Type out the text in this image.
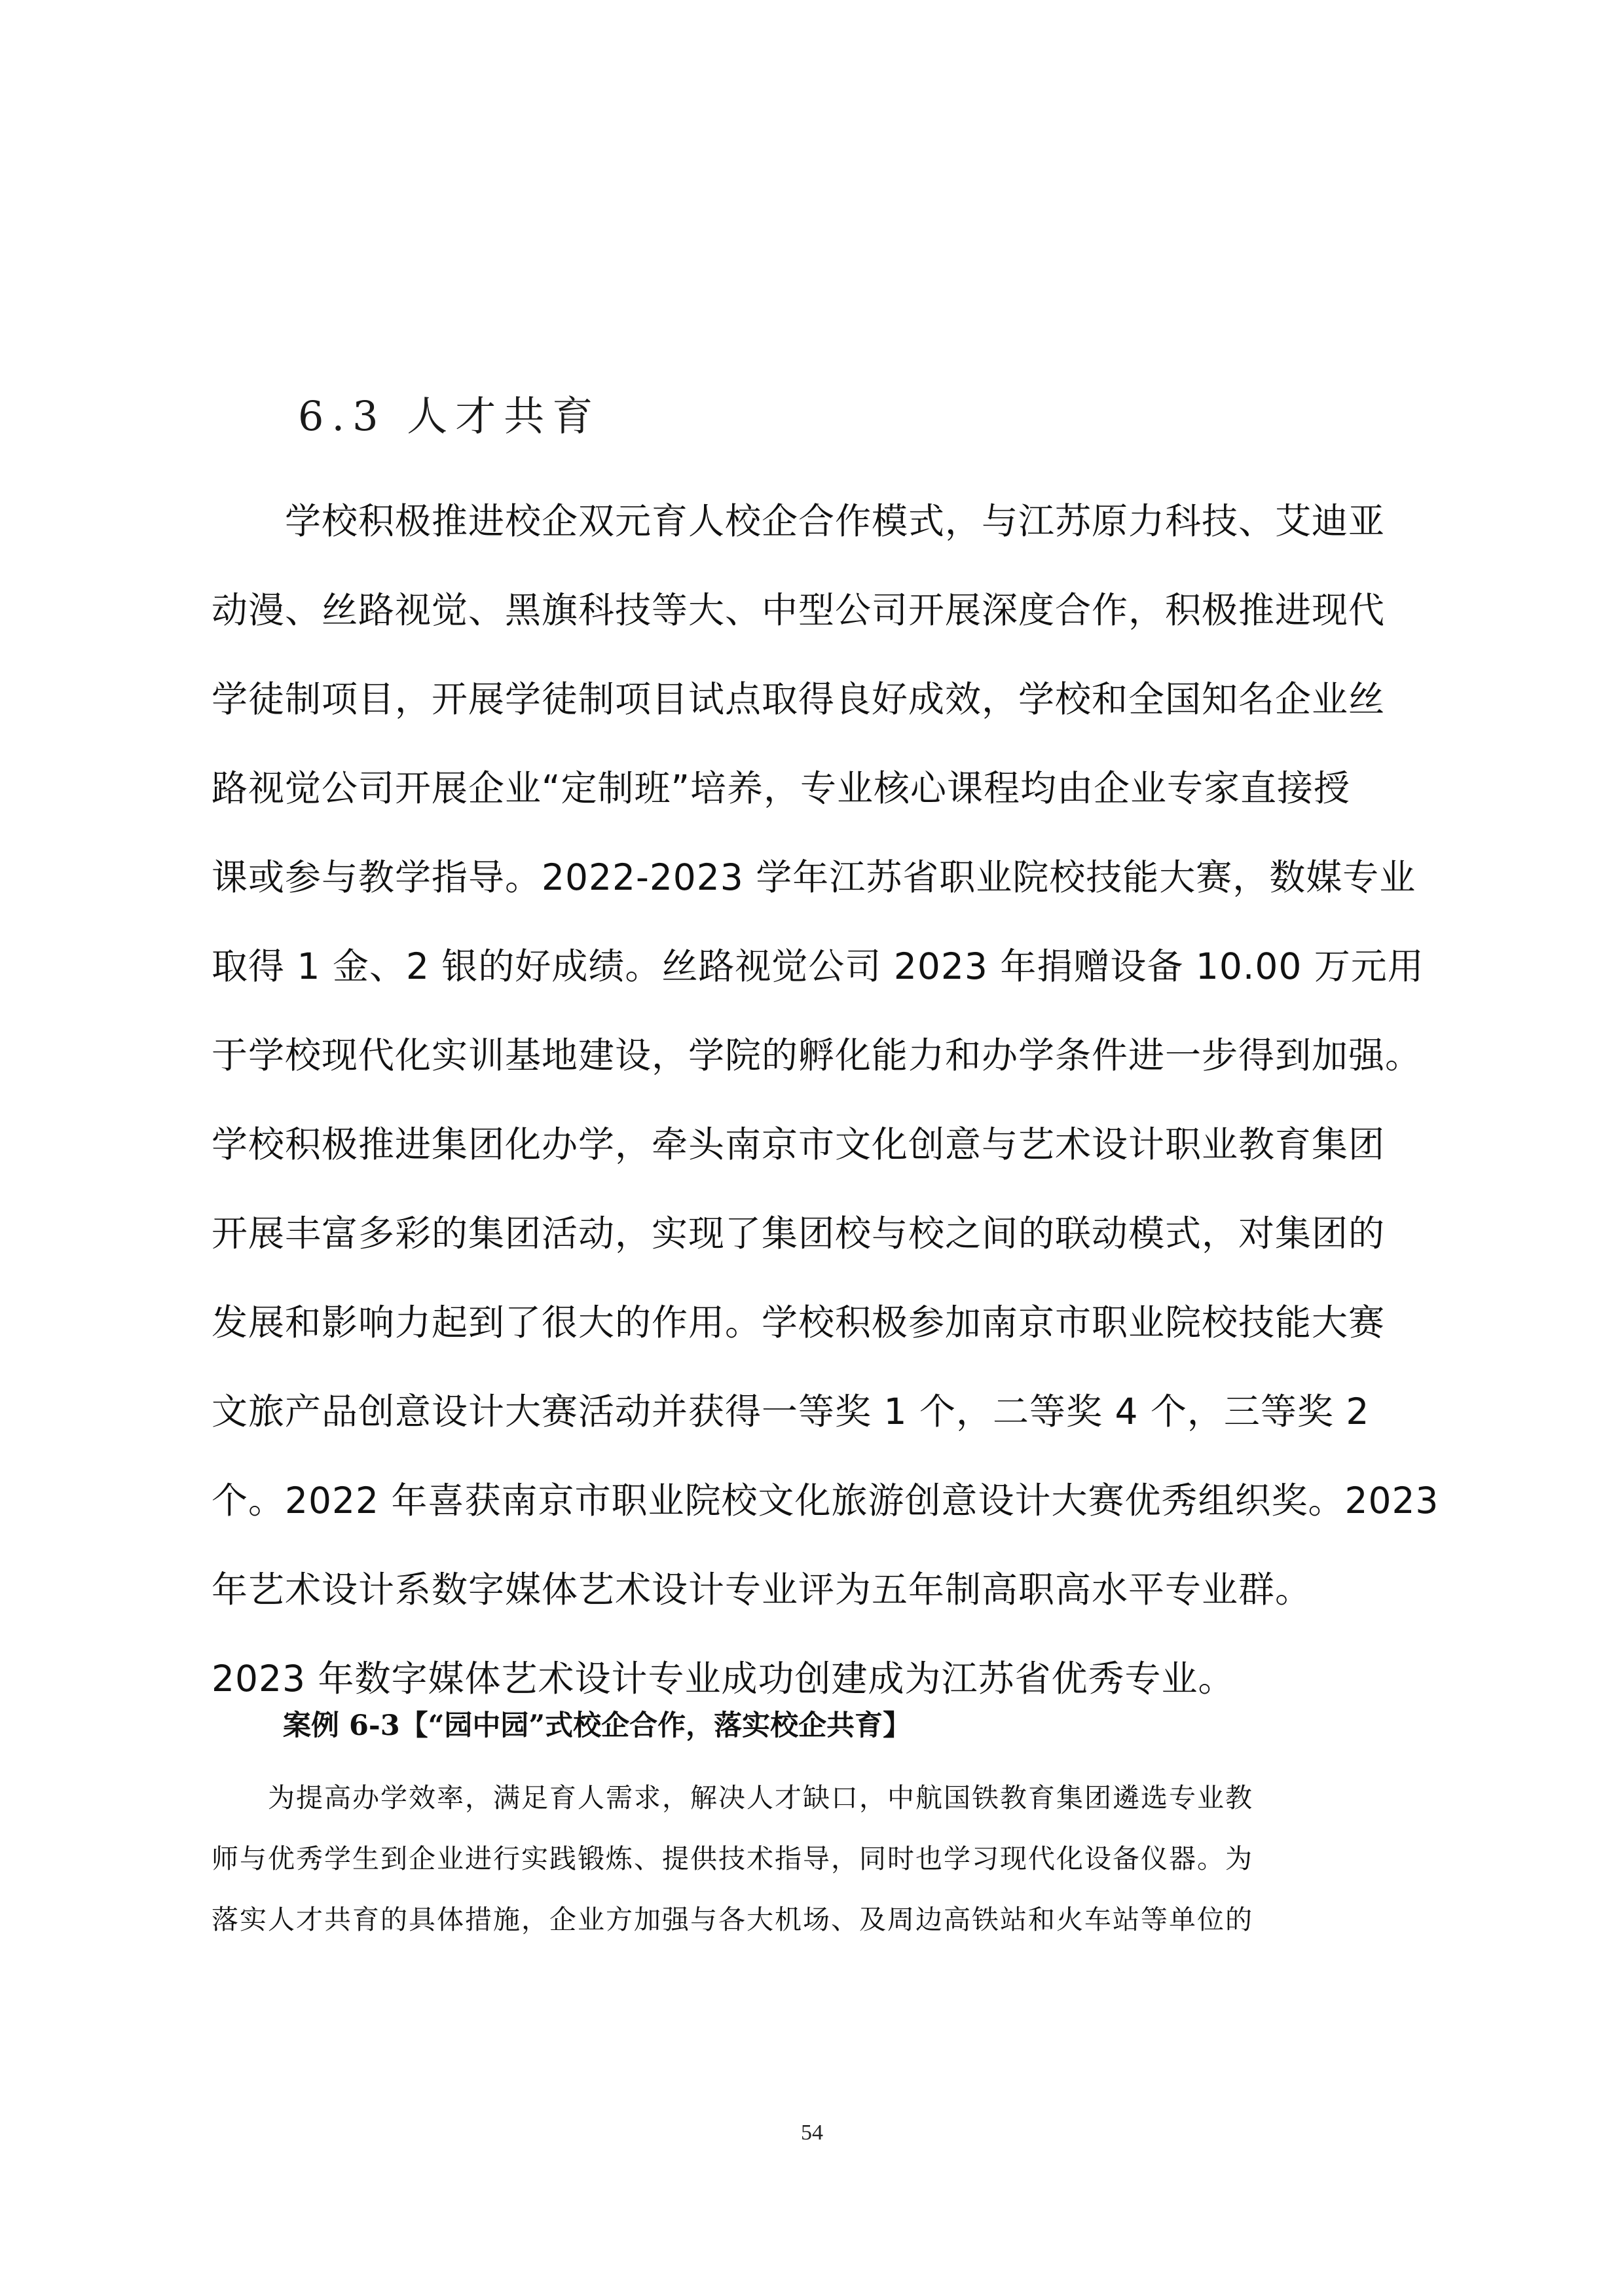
6.3 人才共育
　　学校积极推进校企双元育人校企合作模式，与江苏原力科技、艾迪亚
动漫、丝路视觉、黑旗科技等大、中型公司开展深度合作，积极推进现代
学徒制项目，开展学徒制项目试点取得良好成效，学校和全国知名企业丝
路视觉公司开展企业“定制班”培养，专业核心课程均由企业专家直接授
课或参与教学指导。2022-2023 学年江苏省职业院校技能大赛，数媒专业
取得 1 金、2 银的好成绩。丝路视觉公司 2023 年捐赠设备 10.00 万元用
于学校现代化实训基地建设，学院的孵化能力和办学条件进一步得到加强。
学校积极推进集团化办学，牵头南京市文化创意与艺术设计职业教育集团
开展丰富多彩的集团活动，实现了集团校与校之间的联动模式，对集团的
发展和影响力起到了很大的作用。学校积极参加南京市职业院校技能大赛
文旅产品创意设计大赛活动并获得一等奖 1 个，二等奖 4 个，三等奖 2
个。2022 年喜获南京市职业院校文化旅游创意设计大赛优秀组织奖。2023
年艺术设计系数字媒体艺术设计专业评为五年制高职高水平专业群。
2023 年数字媒体艺术设计专业成功创建成为江苏省优秀专业。
案例 6-3【“园中园”式校企合作，落实校企共育】
　　为提高办学效率，满足育人需求，解决人才缺口，中航国铁教育集团遴选专业教
师与优秀学生到企业进行实践锻炼、提供技术指导，同时也学习现代化设备仪器。为
落实人才共育的具体措施，企业方加强与各大机场、及周边高铁站和火车站等单位的
54
